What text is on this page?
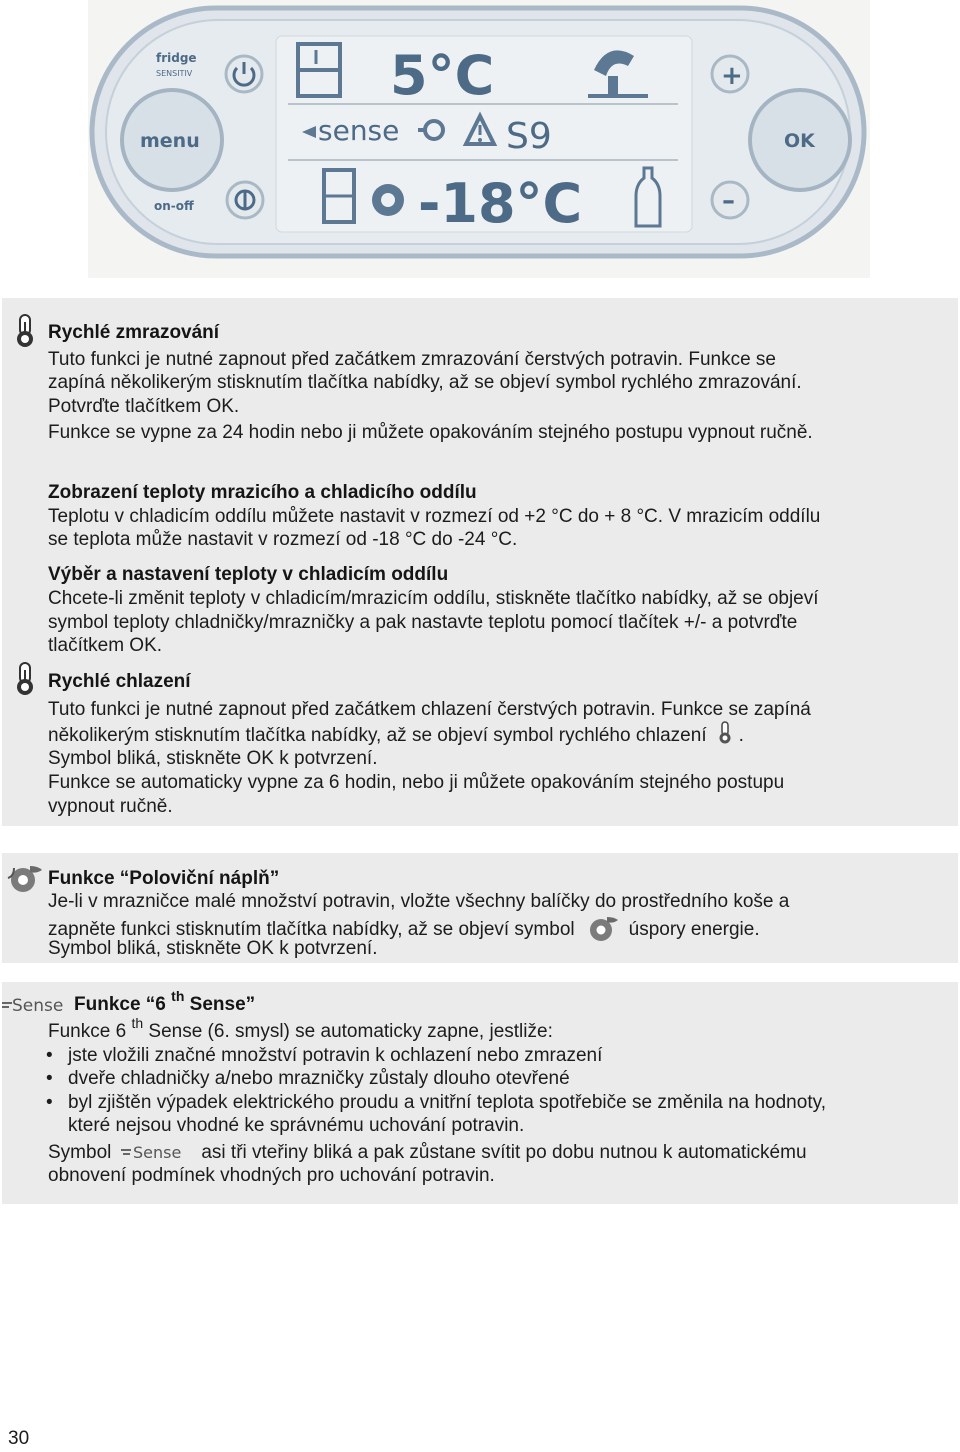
fridge
SENSITIV
menu
on-off
5°C
sense	S9
-18°C
+
OK
–
Rychlé zmrazování
Tuto funkci je nutné zapnout před začátkem zmrazování čerstvých potravin. Funkce se
zapíná několikerým stisknutím tlačítka nabídky, až se objeví symbol rychlého zmrazování.
Potvrďte tlačítkem OK.
Funkce se vypne za 24 hodin nebo ji můžete opakováním stejného postupu vypnout ručně.
Zobrazení teploty mrazicího a chladicího oddílu
Teplotu v chladicím oddílu můžete nastavit v rozmezí od +2 °C do + 8 °C. V mrazicím oddílu
se teplota může nastavit v rozmezí od -18 °C do -24 °C.
Výběr a nastavení teploty v chladicím oddílu
Chcete-li změnit teploty v chladicím/mrazicím oddílu, stiskněte tlačítko nabídky, až se objeví
symbol teploty chladničky/mrazničky a pak nastavte teplotu pomocí tlačítek +/- a potvrďte
tlačítkem OK.
Rychlé chlazení
Tuto funkci je nutné zapnout před začátkem chlazení čerstvých potravin. Funkce se zapíná
několikerým stisknutím tlačítka nabídky, až se objeví symbol rychlého chlazení .
Symbol bliká, stiskněte OK k potvrzení.
Funkce se automaticky vypne za 6 hodin, nebo ji můžete opakováním stejného postupu
vypnout ručně.
Funkce “Poloviční náplň”
Je-li v mrazničce malé množství potravin, vložte všechny balíčky do prostředního koše a
zapněte funkci stisknutím tlačítka nabídky, až se objeví symbol	úspory energie.
Symbol bliká, stiskněte OK k potvrzení.
Sense Funkce “6 $^{th}$ Sense”
Funkce 6 $^{th}$ Sense (6. smysl) se automaticky zapne, jestliže:
• jste vložili značné množství potravin k ochlazení nebo zmrazení
• dveře chladničky a/nebo mrazničky zůstaly dlouho otevřené
• byl zjištěn výpadek elektrického proudu a vnitřní teplota spotřebiče se změnila na hodnoty,
které nejsou vhodné ke správnému uchování potravin.
Symbol Sense asi tři vteřiny bliká a pak zůstane svítit po dobu nutnou k automatickému
obnovení podmínek vhodných pro uchování potravin.
30
